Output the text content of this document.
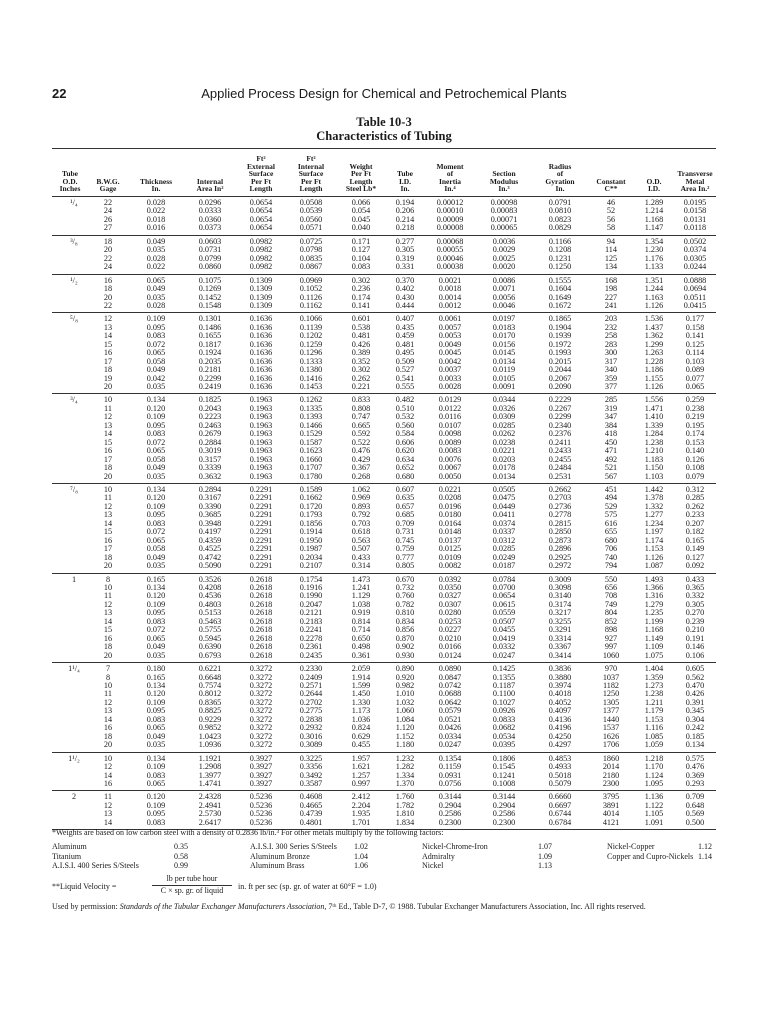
22	Applied Process Design for Chemical and Petrochemical Plants
Table 10-3
Characteristics of Tubing
Tube
O.D.
Inches	B.W.G.
Gage	Thickness
In.	Internal
Area In²	Ft²
External
Surface
Per Ft
Length	Ft²
Internal
Surface
Per Ft
Length	Weight
Per Ft
Length
Steel Lb*	Tube
I.D.
In.	Moment
of
Inertia
In.⁴	Section
Modulus
In.³	Radius
of
Gyration
In.	Constant
C**	O.D.
I.D.	Transverse
Metal
Area In.²
¹/₄	22	0.028	0.0296	0.0654	0.0508	0.066	0.194	0.00012	0.00098	0.0791	46	1.289	0.0195
	24	0.022	0.0333	0.0654	0.0539	0.054	0.206	0.00010	0.00083	0.0810	52	1.214	0.0158
	26	0.018	0.0360	0.0654	0.0560	0.045	0.214	0.00009	0.00071	0.0823	56	1.168	0.0131
	27	0.016	0.0373	0.0654	0.0571	0.040	0.218	0.00008	0.00065	0.0829	58	1.147	0.0118
³/₈	18	0.049	0.0603	0.0982	0.0725	0.171	0.277	0.00068	0.0036	0.1166	94	1.354	0.0502
	20	0.035	0.0731	0.0982	0.0798	0.127	0.305	0.00055	0.0029	0.1208	114	1.230	0.0374
	22	0.028	0.0799	0.0982	0.0835	0.104	0.319	0.00046	0.0025	0.1231	125	1.176	0.0305
	24	0.022	0.0860	0.0982	0.0867	0.083	0.331	0.00038	0.0020	0.1250	134	1.133	0.0244
¹/₂	16	0.065	0.1075	0.1309	0.0969	0.302	0.370	0.0021	0.0086	0.1555	168	1.351	0.0888
	18	0.049	0.1269	0.1309	0.1052	0.236	0.402	0.0018	0.0071	0.1604	198	1.244	0.0694
	20	0.035	0.1452	0.1309	0.1126	0.174	0.430	0.0014	0.0056	0.1649	227	1.163	0.0511
	22	0.028	0.1548	0.1309	0.1162	0.141	0.444	0.0012	0.0046	0.1672	241	1.126	0.0415
⁵/₈	12	0.109	0.1301	0.1636	0.1066	0.601	0.407	0.0061	0.0197	0.1865	203	1.536	0.177
	13	0.095	0.1486	0.1636	0.1139	0.538	0.435	0.0057	0.0183	0.1904	232	1.437	0.158
	14	0.083	0.1655	0.1636	0.1202	0.481	0.459	0.0053	0.0170	0.1939	258	1.362	0.141
	15	0.072	0.1817	0.1636	0.1259	0.426	0.481	0.0049	0.0156	0.1972	283	1.299	0.125
	16	0.065	0.1924	0.1636	0.1296	0.389	0.495	0.0045	0.0145	0.1993	300	1.263	0.114
	17	0.058	0.2035	0.1636	0.1333	0.352	0.509	0.0042	0.0134	0.2015	317	1.228	0.103
	18	0.049	0.2181	0.1636	0.1380	0.302	0.527	0.0037	0.0119	0.2044	340	1.186	0.089
	19	0.042	0.2299	0.1636	0.1416	0.262	0.541	0.0033	0.0105	0.2067	359	1.155	0.077
	20	0.035	0.2419	0.1636	0.1453	0.221	0.555	0.0028	0.0091	0.2090	377	1.126	0.065
³/₄	10	0.134	0.1825	0.1963	0.1262	0.833	0.482	0.0129	0.0344	0.2229	285	1.556	0.259
	11	0.120	0.2043	0.1963	0.1335	0.808	0.510	0.0122	0.0326	0.2267	319	1.471	0.238
	12	0.109	0.2223	0.1963	0.1393	0.747	0.532	0.0116	0.0309	0.2299	347	1.410	0.219
	13	0.095	0.2463	0.1963	0.1466	0.665	0.560	0.0107	0.0285	0.2340	384	1.339	0.195
	14	0.083	0.2679	0.1963	0.1529	0.592	0.584	0.0098	0.0262	0.2376	418	1.284	0.174
	15	0.072	0.2884	0.1963	0.1587	0.522	0.606	0.0089	0.0238	0.2411	450	1.238	0.153
	16	0.065	0.3019	0.1963	0.1623	0.476	0.620	0.0083	0.0221	0.2433	471	1.210	0.140
	17	0.058	0.3157	0.1963	0.1660	0.429	0.634	0.0076	0.0203	0.2455	492	1.183	0.126
	18	0.049	0.3339	0.1963	0.1707	0.367	0.652	0.0067	0.0178	0.2484	521	1.150	0.108
	20	0.035	0.3632	0.1963	0.1780	0.268	0.680	0.0050	0.0134	0.2531	567	1.103	0.079
⁷/₈	10	0.134	0.2894	0.2291	0.1589	1.062	0.607	0.0221	0.0505	0.2662	451	1.442	0.312
	11	0.120	0.3167	0.2291	0.1662	0.969	0.635	0.0208	0.0475	0.2703	494	1.378	0.285
	12	0.109	0.3390	0.2291	0.1720	0.893	0.657	0.0196	0.0449	0.2736	529	1.332	0.262
	13	0.095	0.3685	0.2291	0.1793	0.792	0.685	0.0180	0.0411	0.2778	575	1.277	0.233
	14	0.083	0.3948	0.2291	0.1856	0.703	0.709	0.0164	0.0374	0.2815	616	1.234	0.207
	15	0.072	0.4197	0.2291	0.1914	0.618	0.731	0.0148	0.0337	0.2850	655	1.197	0.182
	16	0.065	0.4359	0.2291	0.1950	0.563	0.745	0.0137	0.0312	0.2873	680	1.174	0.165
	17	0.058	0.4525	0.2291	0.1987	0.507	0.759	0.0125	0.0285	0.2896	706	1.153	0.149
	18	0.049	0.4742	0.2291	0.2034	0.433	0.777	0.0109	0.0249	0.2925	740	1.126	0.127
	20	0.035	0.5090	0.2291	0.2107	0.314	0.805	0.0082	0.0187	0.2972	794	1.087	0.092
1	8	0.165	0.3526	0.2618	0.1754	1.473	0.670	0.0392	0.0784	0.3009	550	1.493	0.433
	10	0.134	0.4208	0.2618	0.1916	1.241	0.732	0.0350	0.0700	0.3098	656	1.366	0.365
	11	0.120	0.4536	0.2618	0.1990	1.129	0.760	0.0327	0.0654	0.3140	708	1.316	0.332
	12	0.109	0.4803	0.2618	0.2047	1.038	0.782	0.0307	0.0615	0.3174	749	1.279	0.305
	13	0.095	0.5153	0.2618	0.2121	0.919	0.810	0.0280	0.0559	0.3217	804	1.235	0.270
	14	0.083	0.5463	0.2618	0.2183	0.814	0.834	0.0253	0.0507	0.3255	852	1.199	0.239
	15	0.072	0.5755	0.2618	0.2241	0.714	0.856	0.0227	0.0455	0.3291	898	1.168	0.210
	16	0.065	0.5945	0.2618	0.2278	0.650	0.870	0.0210	0.0419	0.3314	927	1.149	0.191
	18	0.049	0.6390	0.2618	0.2361	0.498	0.902	0.0166	0.0332	0.3367	997	1.109	0.146
	20	0.035	0.6793	0.2618	0.2435	0.361	0.930	0.0124	0.0247	0.3414	1060	1.075	0.106
1¹/₄	7	0.180	0.6221	0.3272	0.2330	2.059	0.890	0.0890	0.1425	0.3836	970	1.404	0.605
	8	0.165	0.6648	0.3272	0.2409	1.914	0.920	0.0847	0.1355	0.3880	1037	1.359	0.562
	10	0.134	0.7574	0.3272	0.2571	1.599	0.982	0.0742	0.1187	0.3974	1182	1.273	0.470
	11	0.120	0.8012	0.3272	0.2644	1.450	1.010	0.0688	0.1100	0.4018	1250	1.238	0.426
	12	0.109	0.8365	0.3272	0.2702	1.330	1.032	0.0642	0.1027	0.4052	1305	1.211	0.391
	13	0.095	0.8825	0.3272	0.2775	1.173	1.060	0.0579	0.0926	0.4097	1377	1.179	0.345
	14	0.083	0.9229	0.3272	0.2838	1.036	1.084	0.0521	0.0833	0.4136	1440	1.153	0.304
	16	0.065	0.9852	0.3272	0.2932	0.824	1.120	0.0426	0.0682	0.4196	1537	1.116	0.242
	18	0.049	1.0423	0.3272	0.3016	0.629	1.152	0.0334	0.0534	0.4250	1626	1.085	0.185
	20	0.035	1.0936	0.3272	0.3089	0.455	1.180	0.0247	0.0395	0.4297	1706	1.059	0.134
1¹/₂	10	0.134	1.1921	0.3927	0.3225	1.957	1.232	0.1354	0.1806	0.4853	1860	1.218	0.575
	12	0.109	1.2908	0.3927	0.3356	1.621	1.282	0.1159	0.1545	0.4933	2014	1.170	0.476
	14	0.083	1.3977	0.3927	0.3492	1.257	1.334	0.0931	0.1241	0.5018	2180	1.124	0.369
	16	0.065	1.4741	0.3927	0.3587	0.997	1.370	0.0756	0.1008	0.5079	2300	1.095	0.293
2	11	0.120	2.4328	0.5236	0.4608	2.412	1.760	0.3144	0.3144	0.6660	3795	1.136	0.709
	12	0.109	2.4941	0.5236	0.4665	2.204	1.782	0.2904	0.2904	0.6697	3891	1.122	0.648
	13	0.095	2.5730	0.5236	0.4739	1.935	1.810	0.2586	0.2586	0.6744	4014	1.105	0.569
	14	0.083	2.6417	0.5236	0.4801	1.701	1.834	0.2300	0.2300	0.6784	4121	1.091	0.500
*Weights are based on low carbon steel with a density of 0.2836 lb/in.³ For other metals multiply by the following factors:
Aluminum	0.35	A.I.S.I. 300 Series S/Steels 1.02	Nickel-Chrome-Iron	1.07	Nickel-Copper	1.12
Titanium	0.58	Aluminum Bronze	1.04	Admiralty	1.09	Copper and Cupro-Nickels 1.14
A.I.S.I. 400 Series S/Steels	0.99	Aluminum Brass	1.06	Nickel	1.13
**Liquid Velocity =
lb per tube hour
C × sp. gr. of liquid	in. ft per sec (sp. gr. of water at 60°F = 1.0)
Used by permission: Standards of the Tubular Exchanger Manufacturers Association, 7ᵗʰ Ed., Table D-7, © 1988. Tubular Exchanger Manufacturers Association, Inc. All rights reserved.
